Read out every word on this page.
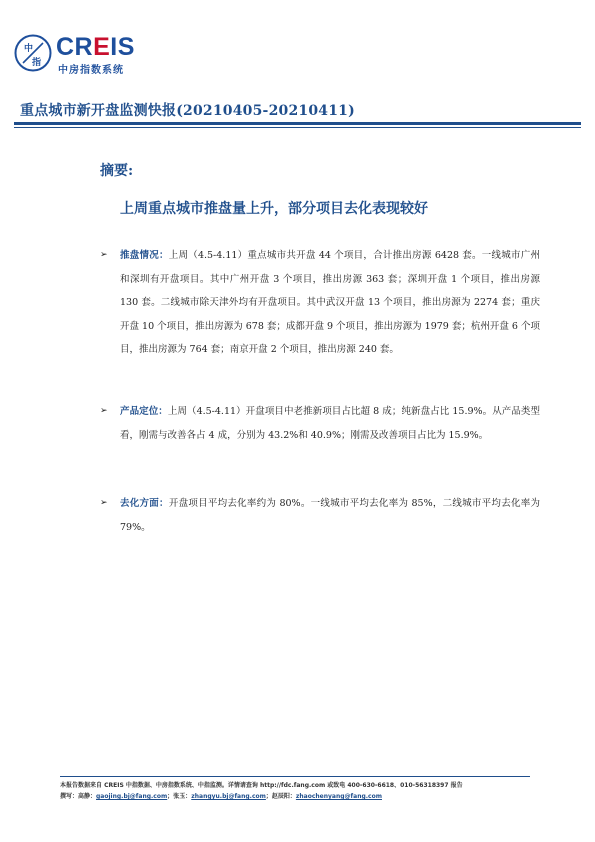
中
指
CREIS
中房指数系统
重点城市新开盘监测快报(20210405-20210411)
摘要:
上周重点城市推盘量上升，部分项目去化表现较好
➢ 推盘情况：上周（4.5-4.11）重点城市共开盘 44 个项目，合计推出房源 6428 套。一线城市广州和深圳有开盘项目。其中广州开盘 3 个项目，推出房源 363 套；深圳开盘 1 个项目，推出房源 130 套。二线城市除天津外均有开盘项目。其中武汉开盘 13 个项目，推出房源为 2274 套；重庆开盘 10 个项目，推出房源为 678 套；成都开盘 9 个项目，推出房源为 1979 套；杭州开盘 6 个项目，推出房源为 764 套；南京开盘 2 个项目，推出房源 240 套。
➢ 产品定位：上周（4.5-4.11）开盘项目中老推新项目占比超 8 成；纯新盘占比 15.9%。从产品类型看，刚需与改善各占 4 成，分别为 43.2%和 40.9%；刚需及改善项目占比为 15.9%。
➢ 去化方面：开盘项目平均去化率约为 80%。一线城市平均去化率为 85%，二线城市平均去化率为 79%。
本报告数据来自 CREIS 中指数据、中房指数系统、中指监测。详情请查询 http://fdc.fang.com 或致电 400-630-6618、010-56318397 报告
撰写：高静：gaojing.bj@fang.com；张玉：zhangyu.bj@fang.com；赵辰阳：zhaochenyang@fang.com
